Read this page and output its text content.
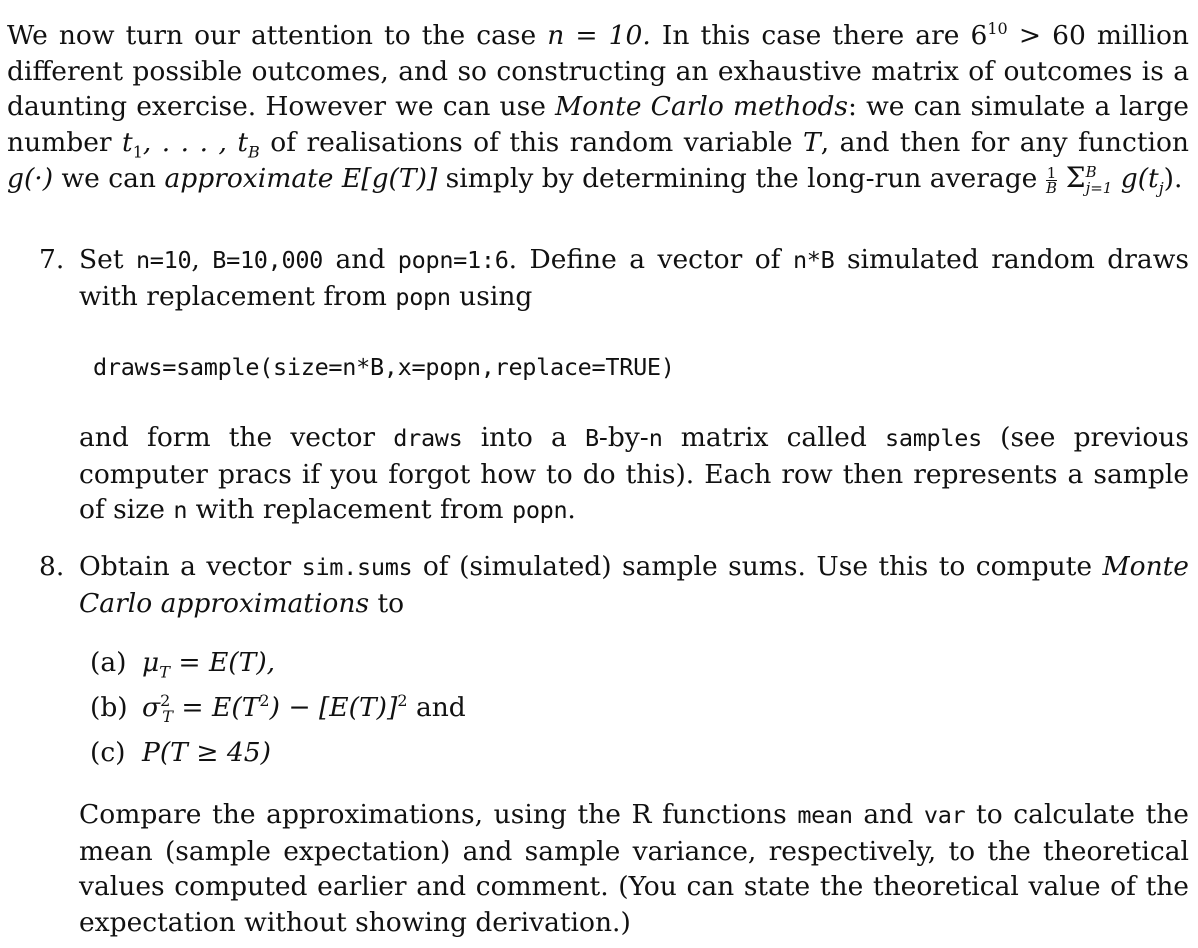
We now turn our attention to the case n = 10. In this case there are $6^{10} > 60$ million different possible outcomes, and so constructing an exhaustive matrix of outcomes is a daunting exercise. However we can use Monte Carlo methods: we can simulate a large number $t_1$, . . . , $t_B$ of realisations of this random variable T, and then for any function g(·) we can approximate E[g(T)] simply by determining the long-run average $\frac{1}{B}$ Σ B
j=1 $g(t_j)$.

7. Set n=10, B=10,000 and popn=1:6. Define a vector of n*B simulated random draws with replacement from popn using
draws=sample(size=n*B,x=popn,replace=TRUE)
and form the vector draws into a B-by-n matrix called samples (see previous computer pracs if you forgot how to do this). Each row then represents a sample of size n with replacement from popn.
8. Obtain a vector sim.sums of (simulated) sample sums. Use this to compute Monte Carlo approximations to
(a) $\mu_T = E(T)$,
(b) $\sigma^2_T = E(T^2) - [E(T)]^2$ and
(c) P(T ≥ 45)

Compare the approximations, using the R functions mean and var to calculate the mean (sample expectation) and sample variance, respectively, to the theoretical values computed earlier and comment. (You can state the theoretical value of the expectation without showing derivation.)
